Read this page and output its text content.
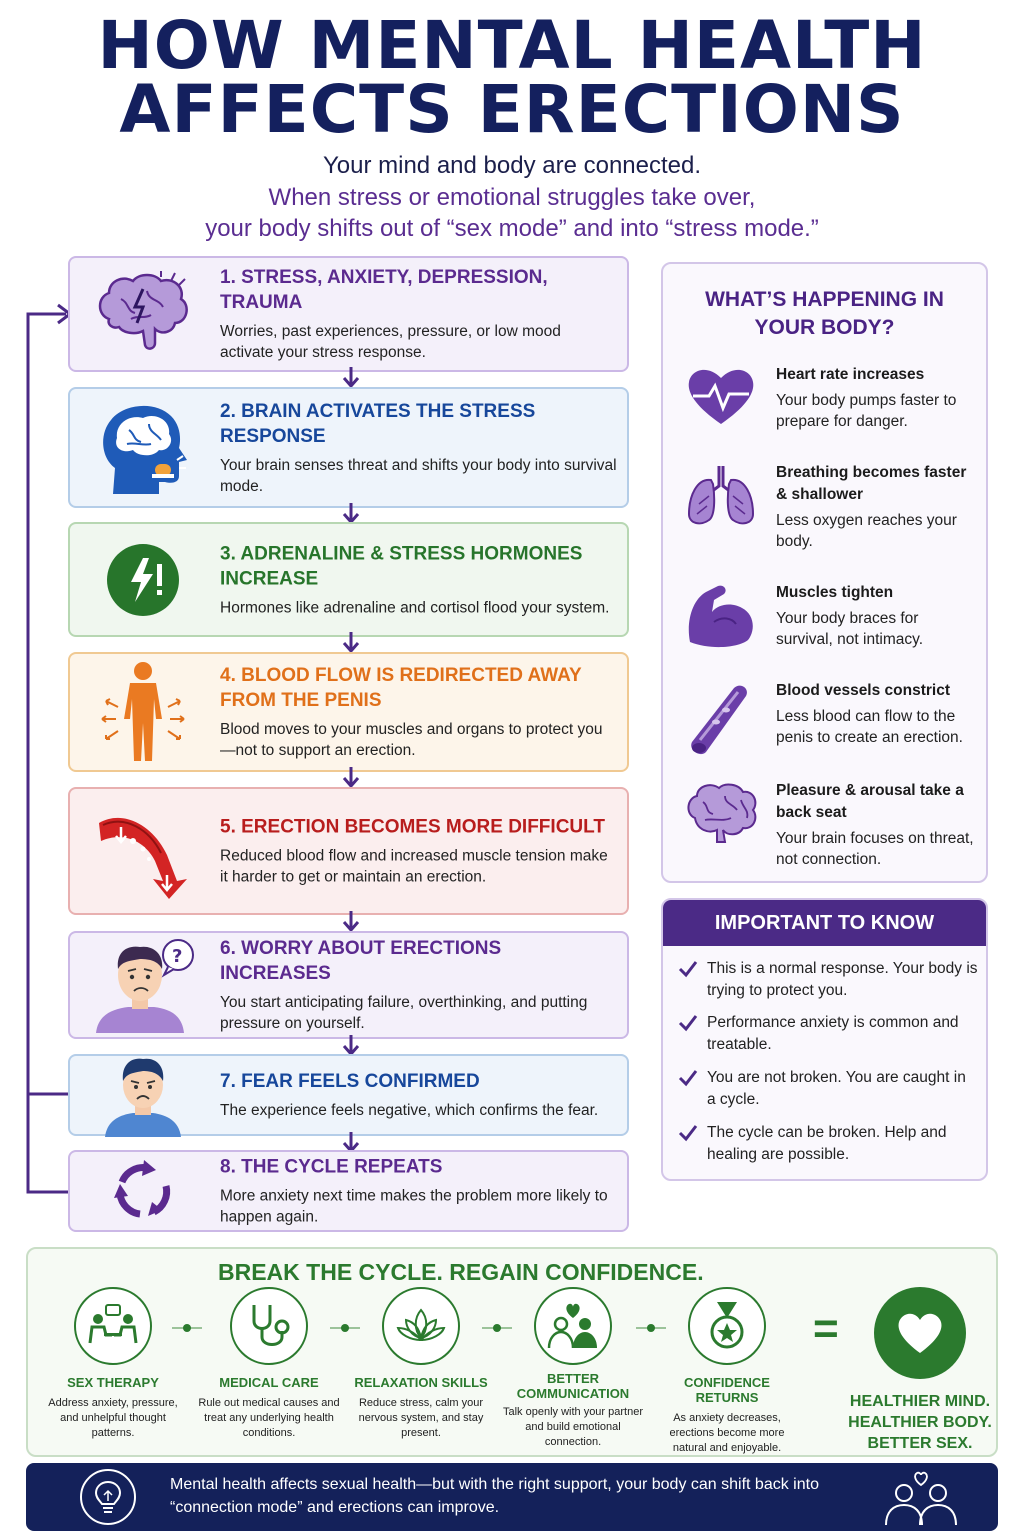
HOW MENTAL HEALTH
AFFECTS ERECTIONS
Your mind and body are connected.
When stress or emotional struggles take over,
your body shifts out of “sex mode” and into “stress mode.”
1. STRESS, ANXIETY, DEPRESSION, TRAUMA

Worries, past experiences, pressure, or low mood activate your stress response.

2. BRAIN ACTIVATES THE STRESS RESPONSE

Your brain senses threat and shifts your body into survival mode.

3. ADRENALINE & STRESS HORMONES INCREASE

Hormones like adrenaline and cortisol flood your system.

4. BLOOD FLOW IS REDIRECTED AWAY FROM THE PENIS

Blood moves to your muscles and organs to protect you—not to support an erection.

5. ERECTION BECOMES MORE DIFFICULT

Reduced blood flow and increased muscle tension make it harder to get or maintain an erection.

? 6. WORRY ABOUT ERECTIONS INCREASES

You start anticipating failure, overthinking, and putting pressure on yourself.

7. FEAR FEELS CONFIRMED

The experience feels negative, which confirms the fear.

8. THE CYCLE REPEATS

More anxiety next time makes the problem more likely to happen again.

WHAT’S HAPPENING IN YOUR BODY?
Heart rate increases

Your body pumps faster to prepare for danger.

Breathing becomes faster & shallower

Less oxygen reaches your body.

Muscles tighten

Your body braces for survival, not intimacy.

Blood vessels constrict

Less blood can flow to the penis to create an erection.

Pleasure & arousal take a back seat

Your brain focuses on threat, not connection.

IMPORTANT TO KNOW

This is a normal response. Your body is trying to protect you.

Performance anxiety is common and treatable.

You are not broken. You are caught in a cycle.

The cycle can be broken. Help and healing are possible.

BREAK THE CYCLE. REGAIN CONFIDENCE.
SEX THERAPY

Address anxiety, pressure, and unhelpful thought patterns.

MEDICAL CARE

Rule out medical causes and treat any underlying health conditions.

RELAXATION SKILLS

Reduce stress, calm your nervous system, and stay present.

BETTER COMMUNICATION

Talk openly with your partner and build emotional connection.

CONFIDENCE RETURNS

As anxiety decreases, erections become more natural and enjoyable.

=
HEALTHIER MIND.
HEALTHIER BODY.
BETTER SEX.

Mental health affects sexual health—but with the right support, your body can shift back into “connection mode” and erections can improve.
